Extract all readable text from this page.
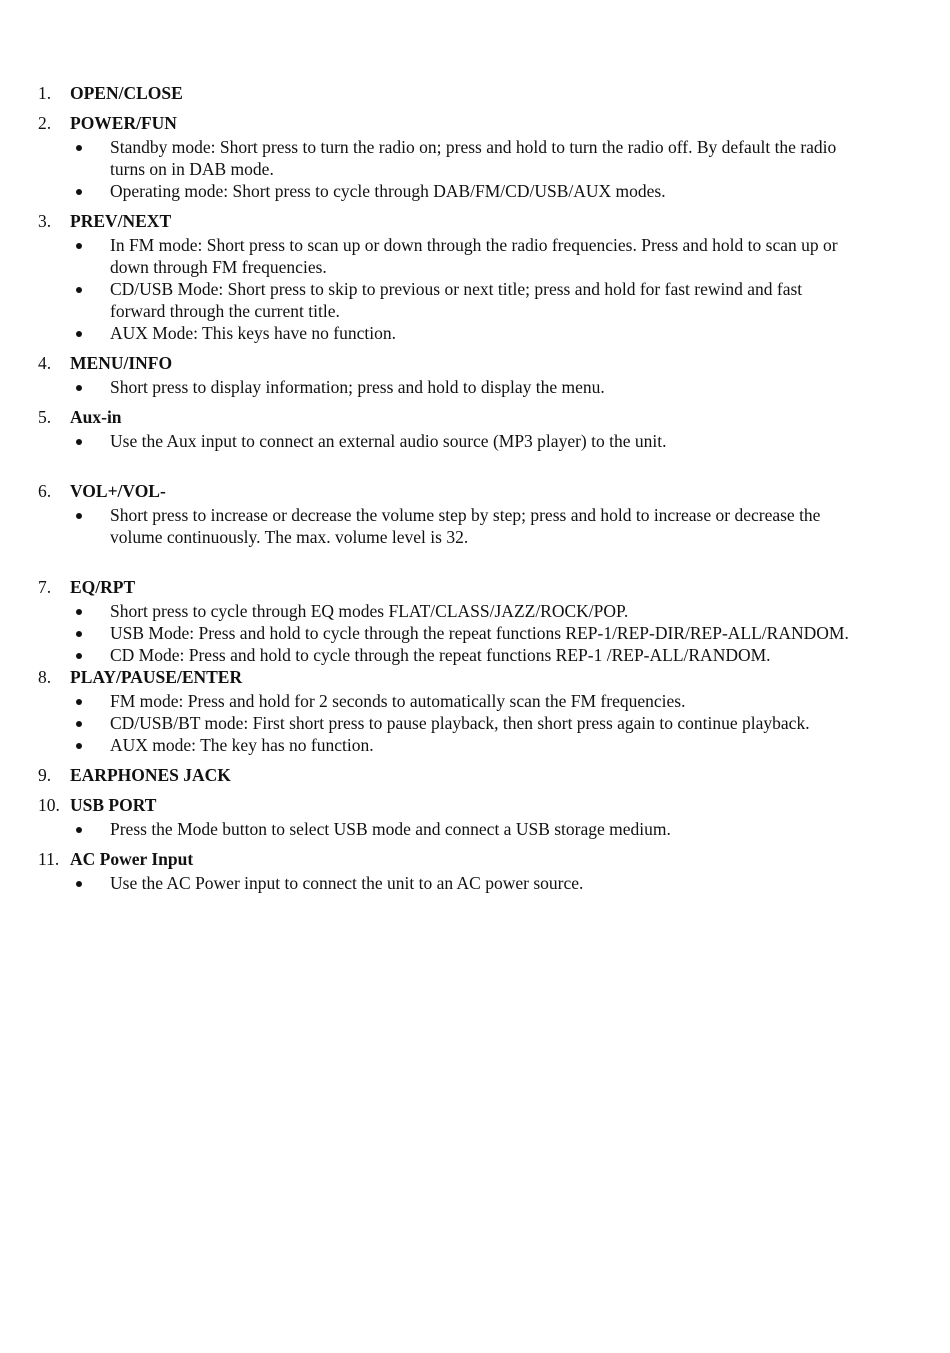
1. OPEN/CLOSE
2. POWER/FUN
Standby mode: Short press to turn the radio on; press and hold to turn the radio off. By default the radio turns on in DAB mode.
Operating mode: Short press to cycle through DAB/FM/CD/USB/AUX modes.
3. PREV/NEXT
In FM mode: Short press to scan up or down through the radio frequencies. Press and hold to scan up or down through FM frequencies.
CD/USB Mode: Short press to skip to previous or next title; press and hold for fast rewind and fast forward through the current title.
AUX Mode: This keys have no function.
4. MENU/INFO
Short press to display information; press and hold to display the menu.
5. Aux-in
Use the Aux input to connect an external audio source (MP3 player) to the unit.
6. VOL+/VOL-
Short press to increase or decrease the volume step by step; press and hold to increase or decrease the volume continuously. The max. volume level is 32.
7. EQ/RPT
Short press to cycle through EQ modes FLAT/CLASS/JAZZ/ROCK/POP.
USB Mode: Press and hold to cycle through the repeat functions REP-1/REP-DIR/REP-ALL/RANDOM.
CD Mode: Press and hold to cycle through the repeat functions REP-1 /REP-ALL/RANDOM.
8. PLAY/PAUSE/ENTER
FM mode: Press and hold for 2 seconds to automatically scan the FM frequencies.
CD/USB/BT mode: First short press to pause playback, then short press again to continue playback.
AUX mode: The key has no function.
9. EARPHONES JACK
10. USB PORT
Press the Mode button to select USB mode and connect a USB storage medium.
11. AC Power Input
Use the AC Power input to connect the unit to an AC power source.
